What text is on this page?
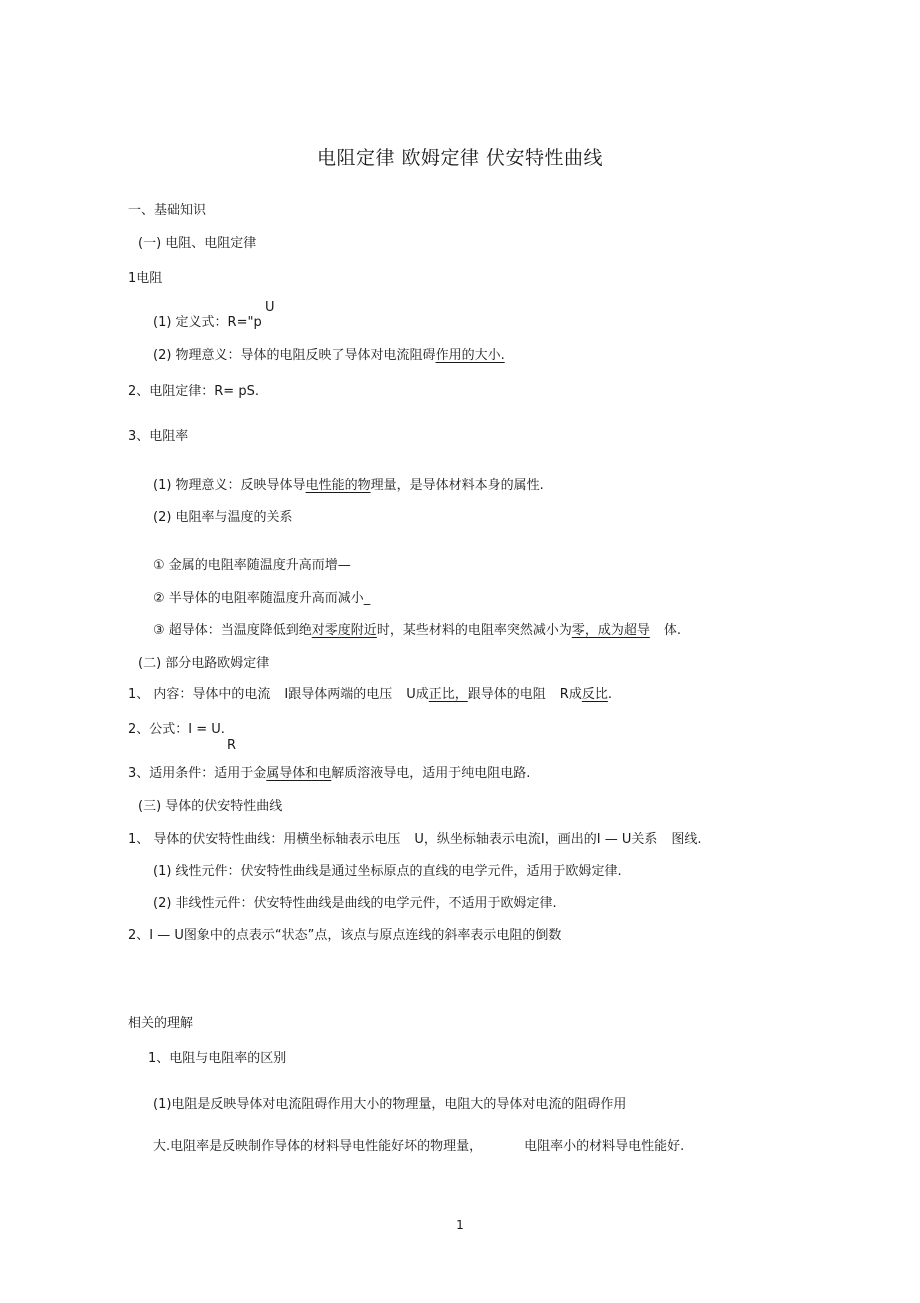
电阻定律 欧姆定律 伏安特性曲线
一、基础知识
(一) 电阻、电阻定律
1电阻
U
(1) 定义式：R="p
(2) 物理意义：导体的电阻反映了导体对电流阻碍作用的大小.
2、电阻定律：R= pS.
3、电阻率
(1) 物理意义：反映导体导电性能的物理量，是导体材料本身的属性.
(2) 电阻率与温度的关系
① 金属的电阻率随温度升高而增—
② 半导体的电阻率随温度升高而减小_
③ 超导体：当温度降低到绝对零度附近时，某些材料的电阻率突然减小为零，成为超导 体.
(二) 部分电路欧姆定律
1、 内容：导体中的电流 I跟导体两端的电压 U成正比，跟导体的电阻 R成反比.
2、公式：I = U.
R
3、适用条件：适用于金属导体和电解质溶液导电，适用于纯电阻电路.
(三) 导体的伏安特性曲线
1、 导体的伏安特性曲线：用横坐标轴表示电压 U，纵坐标轴表示电流I，画出的I — U关系 图线.
(1) 线性元件：伏安特性曲线是通过坐标原点的直线的电学元件，适用于欧姆定律.
(2) 非线性元件：伏安特性曲线是曲线的电学元件，不适用于欧姆定律.
2、I — U图象中的点表示“状态”点，该点与原点连线的斜率表示电阻的倒数
相关的理解
1、电阻与电阻率的区别
(1)电阻是反映导体对电流阻碍作用大小的物理量，电阻大的导体对电流的阻碍作用
大.电阻率是反映制作导体的材料导电性能好坏的物理量，	电阻率小的材料导电性能好.
1
